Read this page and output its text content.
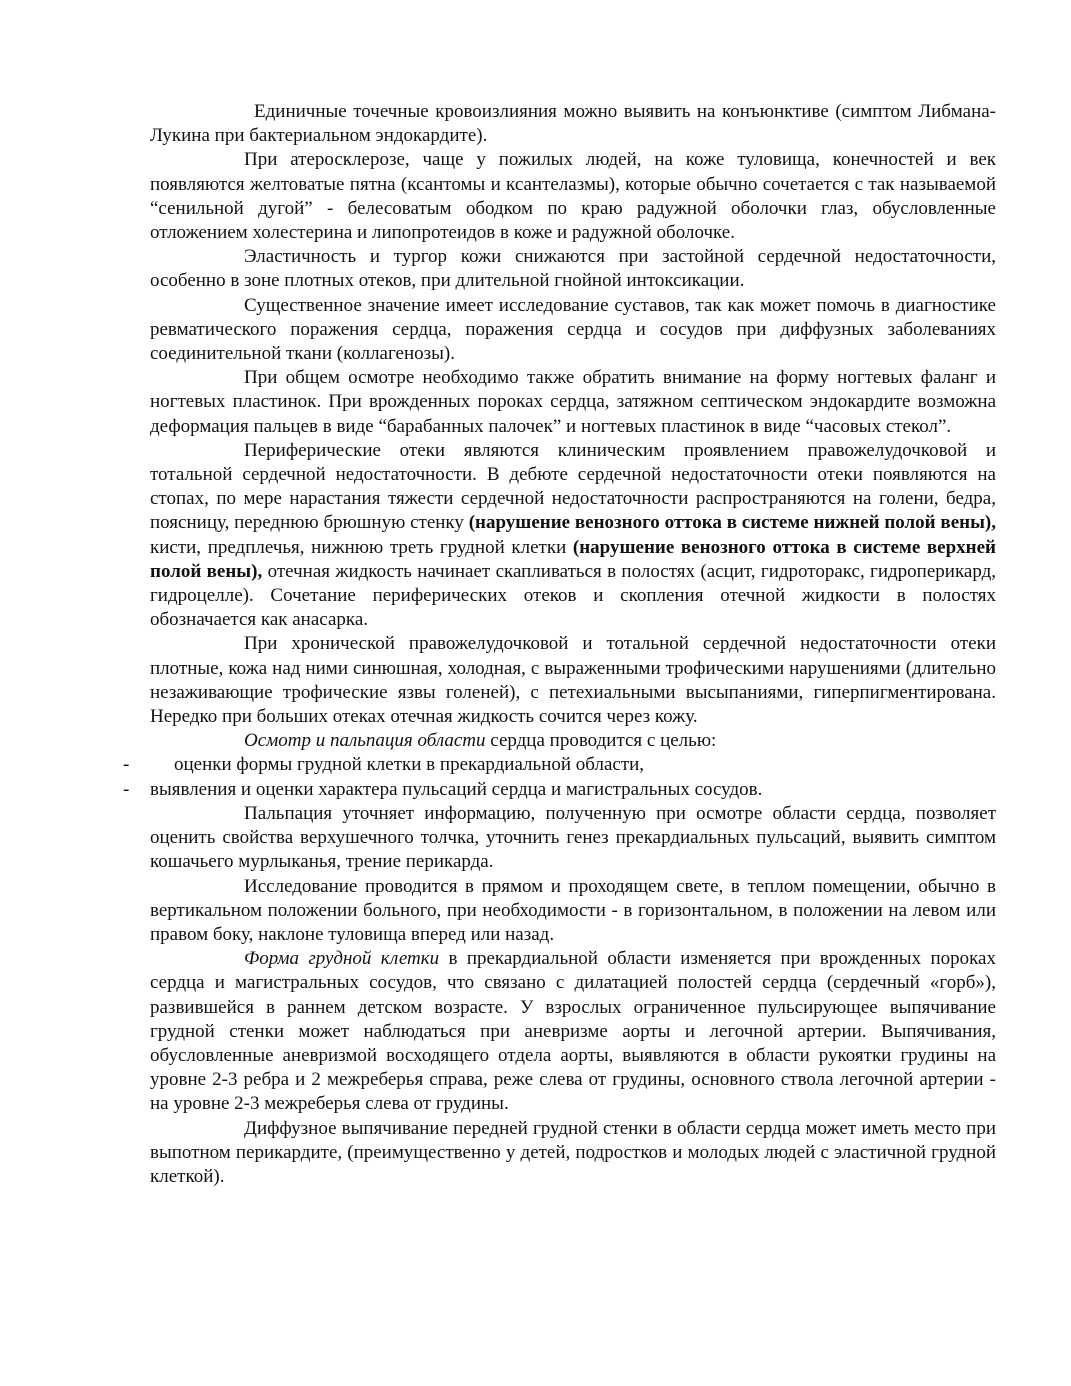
Единичные точечные кровоизлияния можно выявить на конъюнктиве (симптом Либмана-Лукина при бактериальном эндокардите).

При атеросклерозе, чаще у пожилых людей, на коже туловища, конечностей и век появляются желтоватые пятна (ксантомы и ксантелазмы), которые обычно сочетается с так называемой “сенильной дугой” - белесоватым ободком по краю радужной оболочки глаз, обусловленные отложением холестерина и липопротеидов в коже и радужной оболочке.

Эластичность и тургор кожи снижаются при застойной сердечной недостаточности, особенно в зоне плотных отеков, при длительной гнойной интоксикации.

Существенное значение имеет исследование суставов, так как может помочь в диагностике ревматического поражения сердца, поражения сердца и сосудов при диффузных заболеваниях соединительной ткани (коллагенозы).

При общем осмотре необходимо также обратить внимание на форму ногтевых фаланг и ногтевых пластинок. При врожденных пороках сердца, затяжном септическом эндокардите возможна деформация пальцев в виде “барабанных палочек” и ногтевых пластинок в виде “часовых стекол”.

Периферические отеки являются клиническим проявлением правожелудочковой и тотальной сердечной недостаточности. В дебюте сердечной недостаточности отеки появляются на стопах, по мере нарастания тяжести сердечной недостаточности распространяются на голени, бедра, поясницу, переднюю брюшную стенку (нарушение венозного оттока в системе нижней полой вены), кисти, предплечья, нижнюю треть грудной клетки (нарушение венозного оттока в системе верхней полой вены), отечная жидкость начинает скапливаться в полостях (асцит, гидроторакс, гидроперикард, гидроцелле). Сочетание периферических отеков и скопления отечной жидкости в полостях обозначается как анасарка.

При хронической правожелудочковой и тотальной сердечной недостаточности отеки плотные, кожа над ними синюшная, холодная, с выраженными трофическими нарушениями (длительно незаживающие трофические язвы голеней), с петехиальными высыпаниями, гиперпигментирована. Нередко при больших отеках отечная жидкость сочится через кожу.

Осмотр и пальпация области сердца проводится с целью:

- оценки формы грудной клетки в прекардиальной области,

- выявления и оценки характера пульсаций сердца и магистральных сосудов.

Пальпация уточняет информацию, полученную при осмотре области сердца, позволяет оценить свойства верхушечного толчка, уточнить генез прекардиальных пульсаций, выявить симптом кошачьего мурлыканья, трение перикарда.

Исследование проводится в прямом и проходящем свете, в теплом помещении, обычно в вертикальном положении больного, при необходимости - в горизонтальном, в положении на левом или правом боку, наклоне туловища вперед или назад.

Форма грудной клетки в прекардиальной области изменяется при врожденных пороках сердца и магистральных сосудов, что связано с дилатацией полостей сердца (сердечный «горб»), развившейся в раннем детском возрасте. У взрослых ограниченное пульсирующее выпячивание грудной стенки может наблюдаться при аневризме аорты и легочной артерии. Выпячивания, обусловленные аневризмой восходящего отдела аорты, выявляются в области рукоятки грудины на уровне 2-3 ребра и 2 межреберья справа, реже слева от грудины, основного ствола легочной артерии - на уровне 2-3 межреберья слева от грудины.

Диффузное выпячивание передней грудной стенки в области сердца может иметь место при выпотном перикардите, (преимущественно у детей, подростков и молодых людей с эластичной грудной клеткой).
